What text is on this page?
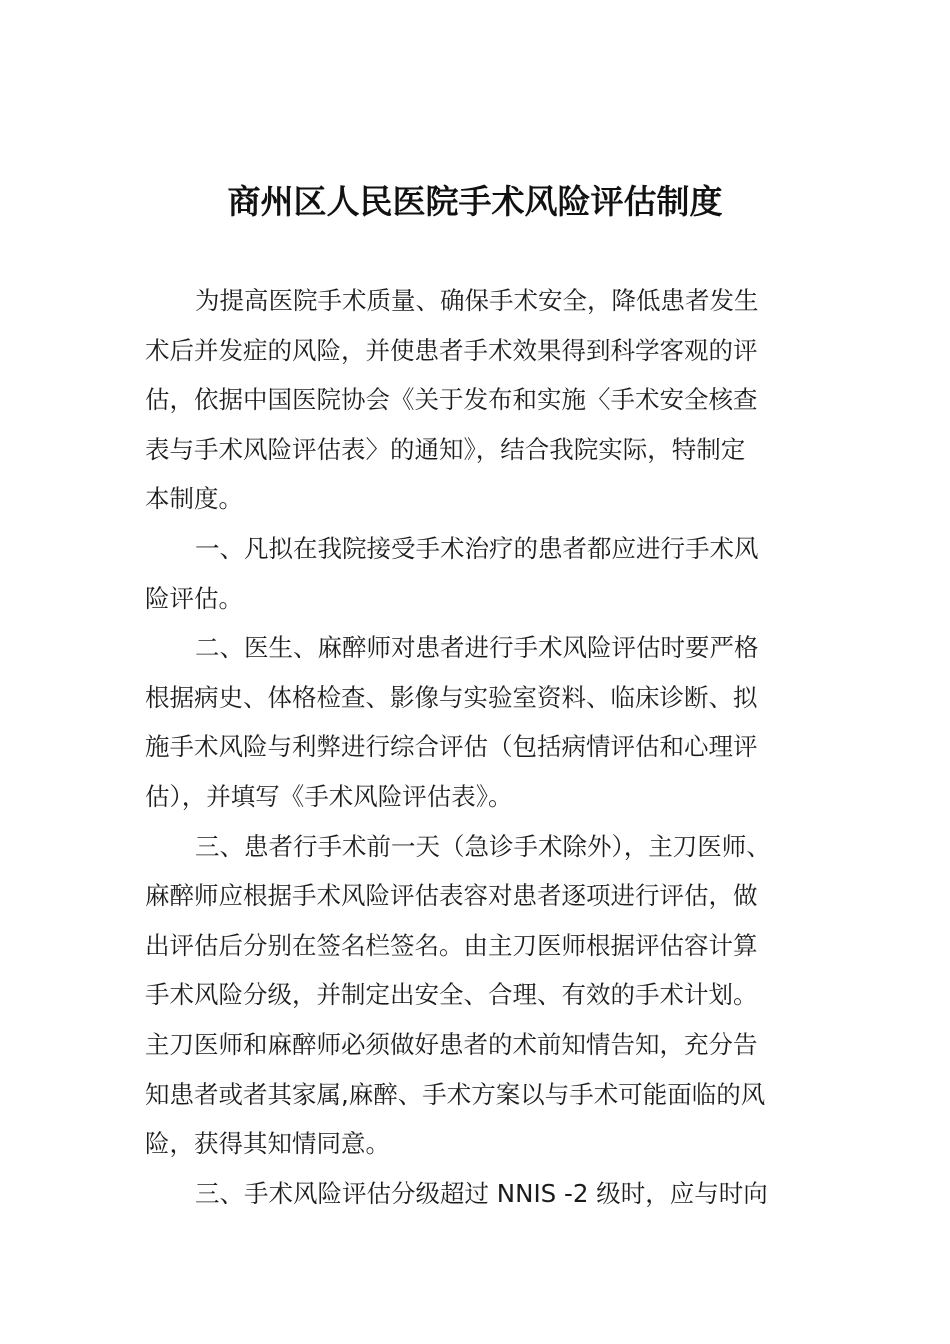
商州区人民医院手术风险评估制度
为提高医院手术质量、确保手术安全，降低患者发生
术后并发症的风险，并使患者手术效果得到科学客观的评
估，依据中国医院协会《关于发布和实施〈手术安全核查
表与手术风险评估表〉的通知》，结合我院实际，特制定
本制度。
一、凡拟在我院接受手术治疗的患者都应进行手术风
险评估。
二、医生、麻醉师对患者进行手术风险评估时要严格
根据病史、体格检查、影像与实验室资料、临床诊断、拟
施手术风险与利弊进行综合评估（包括病情评估和心理评
估），并填写《手术风险评估表》。
三、患者行手术前一天（急诊手术除外），主刀医师、
麻醉师应根据手术风险评估表容对患者逐项进行评估，做
出评估后分别在签名栏签名。由主刀医师根据评估容计算
手术风险分级，并制定出安全、合理、有效的手术计划。
主刀医师和麻醉师必须做好患者的术前知情告知，充分告
知患者或者其家属,麻醉、手术方案以与手术可能面临的风
险，获得其知情同意。
三、手术风险评估分级超过 NNIS -2 级时，应与时向
